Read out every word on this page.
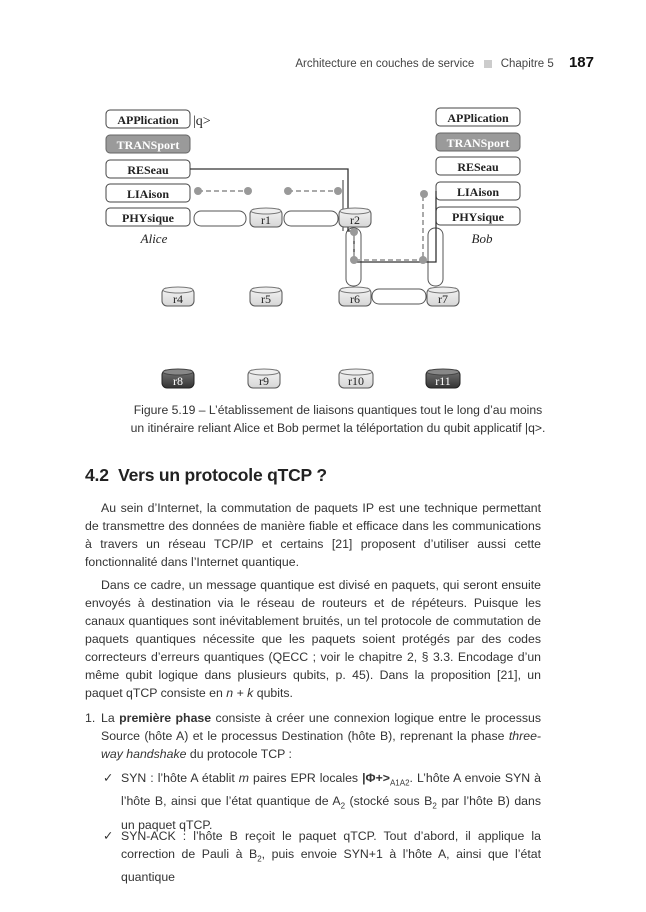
Architecture en couches de service Chapitre 5 187
APPlication
TRANSport
RESeau
LIAison
PHYsique
Alice
|q>	APPlication
TRANSport
RESeau
LIAison
PHYsique
Bob
r1	r2
r4	r5	r6	r7
r8	r9	r10	r11
Figure 5.19 – L’établissement de liaisons quantiques tout le long d’au moins
un itinéraire reliant Alice et Bob permet la téléportation du qubit applicatif |q>.
4.2 Vers un protocole qTCP ?
Au sein d’Internet, la commutation de paquets IP est une technique permettant de transmettre des données de manière fiable et efficace dans les communications à travers un réseau TCP/IP et certains [21] proposent d’utiliser aussi cette fonctionnalité dans l’Internet quantique.
Dans ce cadre, un message quantique est divisé en paquets, qui seront ensuite envoyés à destination via le réseau de routeurs et de répéteurs. Puisque les canaux quantiques sont inévitablement bruités, un tel protocole de commutation de paquets quantiques nécessite que les paquets soient protégés par des codes correcteurs d’erreurs quantiques (QECC ; voir le chapitre 2, § 3.3. Encodage d’un même qubit logique dans plusieurs qubits, p. 45). Dans la proposition [21], un paquet qTCP consiste en n + k qubits.
1. La première phase consiste à créer une connexion logique entre le processus Source (hôte A) et le processus Destination (hôte B), reprenant la phase three-way handshake du protocole TCP :
✓ SYN : l’hôte A établit m paires EPR locales $|\Phi+>_{A1A2}$. L’hôte A envoie SYN à l’hôte B, ainsi que l’état quantique de $A_2$ (stocké sous $B_2$ par l’hôte B) dans un paquet qTCP.
✓ SYN-ACK : l’hôte B reçoit le paquet qTCP. Tout d’abord, il applique la correction de Pauli à $B_2$, puis envoie SYN+1 à l’hôte A, ainsi que l’état quantique
